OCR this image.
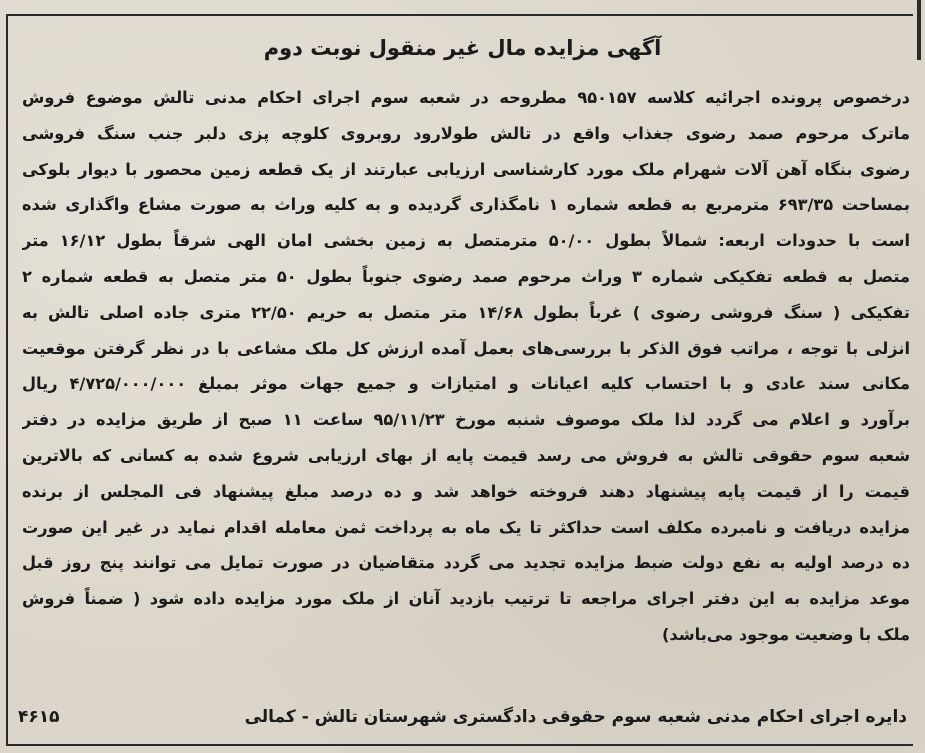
آگهی مزایده مال غیر منقول نوبت دوم
درخصوص پرونده اجرائیه کلاسه ۹۵۰۱۵۷ مطروحه در شعبه سوم اجرای احکام مدنی تالش موضوع فروش
ماترک مرحوم صمد رضوی جغذاب واقع در تالش طولارود روبروی کلوچه پزی دلبر جنب سنگ فروشی
رضوی بنگاه آهن آلات شهرام ملک مورد کارشناسی ارزیابی عبارتند از یک قطعه زمین محصور با دیوار بلوکی
بمساحت ۶۹۳/۳۵ مترمربع به قطعه شماره ۱ نامگذاری گردیده و به کلیه وراث به صورت مشاع واگذاری شده
است با حدودات اربعه: شمالاً بطول ۵۰/۰۰ مترمتصل به زمین بخشی امان الهی شرقاً بطول ۱۶/۱۲ متر
متصل به قطعه تفکیکی شماره ۳ وراث مرحوم صمد رضوی جنوباً بطول ۵۰ متر متصل به قطعه شماره ۲
تفکیکی ( سنگ فروشی رضوی ) غرباً بطول ۱۴/۶۸ متر متصل به حریم ۲۲/۵۰ متری جاده اصلی تالش به
انزلی با توجه ، مراتب فوق الذکر با بررسی‌های بعمل آمده ارزش کل ملک مشاعی با در نظر گرفتن موقعیت
مکانی سند عادی و با احتساب کلیه اعیانات و امتیازات و جمیع جهات موثر بمبلغ ۴/۷۲۵/۰۰۰/۰۰۰ ریال
برآورد و اعلام می گردد لذا ملک موصوف شنبه مورخ ۹۵/۱۱/۲۳ ساعت ۱۱ صبح از طریق مزایده در دفتر
شعبه سوم حقوقی تالش به فروش می رسد قیمت پایه از بهای ارزیابی شروع شده به کسانی که بالاترین
قیمت را از قیمت پایه پیشنهاد دهند فروخته خواهد شد و ده درصد مبلغ پیشنهاد فی المجلس از برنده
مزایده دریافت و نامبرده مکلف است حداکثر تا یک ماه به پرداخت ثمن معامله اقدام نماید در غیر این صورت
ده درصد اولیه به نفع دولت ضبط مزایده تجدید می گردد متقاضیان در صورت تمایل می توانند پنج روز قبل
موعد مزایده به این دفتر اجرای مراجعه تا ترتیب بازدید آنان از ملک مورد مزایده داده شود ( ضمناً فروش
ملک با وضعیت موجود می‌باشد)
دایره اجرای احکام مدنی شعبه سوم حقوقی دادگستری شهرستان تالش - کمالی
۴۶۱۵
